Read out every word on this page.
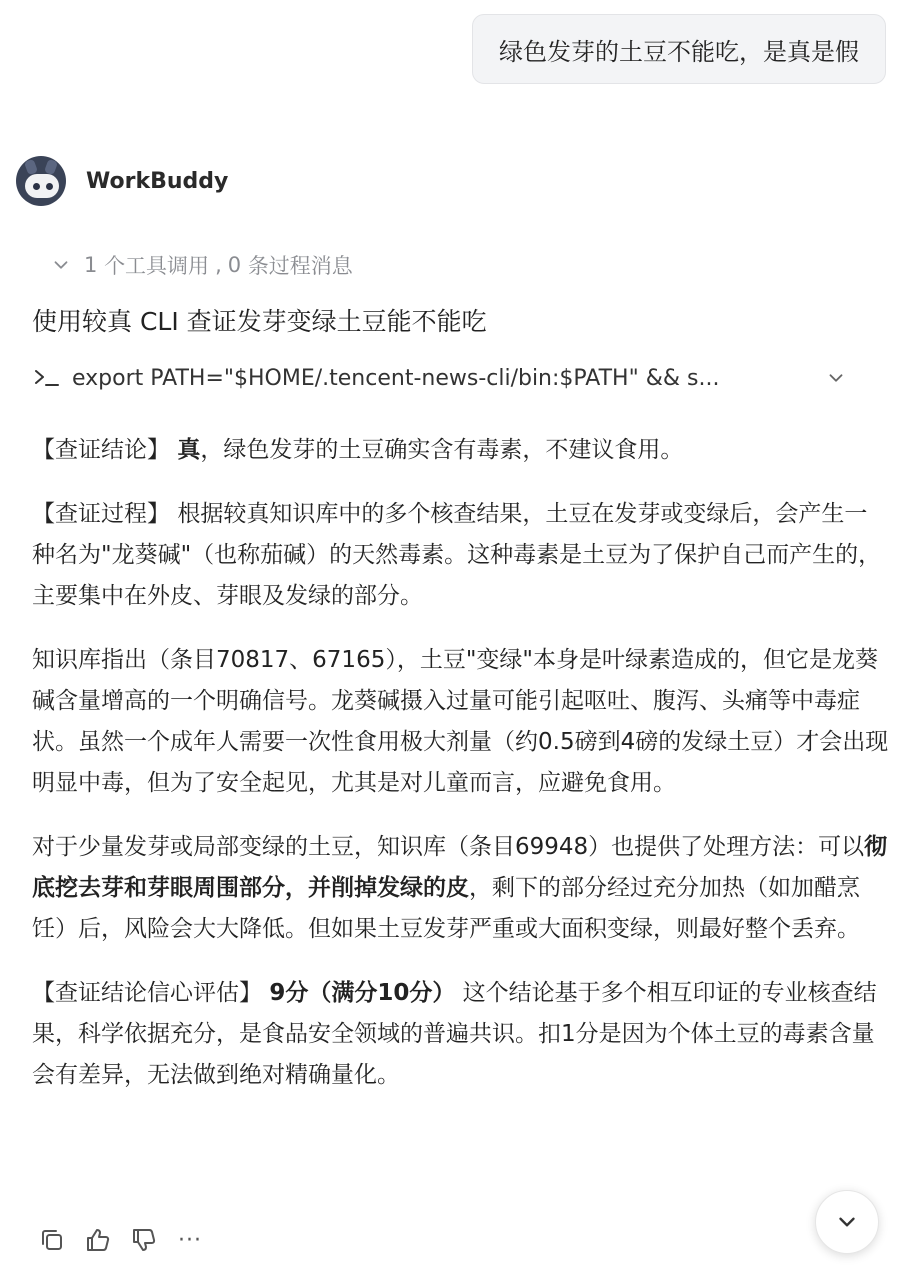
绿色发芽的土豆不能吃，是真是假
WorkBuddy
1
个工具调用 , 0
条过程消息
使用较真 CLI 查证发芽变绿土豆能不能吃
export PATH="$HOME/.tencent-news-cli/bin:$PATH" && s...

【查证结论】 真，绿色发芽的土豆确实含有毒素，不建议食用。

【查证过程】 根据较真知识库中的多个核查结果，土豆在发芽或变绿后，会产生一种名为"龙葵碱"（也称茄碱）的天然毒素。这种毒素是土豆为了保护自己而产生的，主要集中在外皮、芽眼及发绿的部分。

知识库指出（条目70817、67165），土豆"变绿"本身是叶绿素造成的，但它是龙葵碱含量增高的一个明确信号。龙葵碱摄入过量可能引起呕吐、腹泻、头痛等中毒症状。虽然一个成年人需要一次性食用极大剂量（约0.5磅到4磅的发绿土豆）才会出现明显中毒，但为了安全起见，尤其是对儿童而言，应避免食用。

对于少量发芽或局部变绿的土豆，知识库（条目69948）也提供了处理方法：可以彻底挖去芽和芽眼周围部分，并削掉发绿的皮，剩下的部分经过充分加热（如加醋烹饪）后，风险会大大降低。但如果土豆发芽严重或大面积变绿，则最好整个丢弃。

【查证结论信心评估】 9分（满分10分） 这个结论基于多个相互印证的专业核查结果，科学依据充分，是食品安全领域的普遍共识。扣1分是因为个体土豆的毒素含量会有差异，无法做到绝对精确量化。

···
